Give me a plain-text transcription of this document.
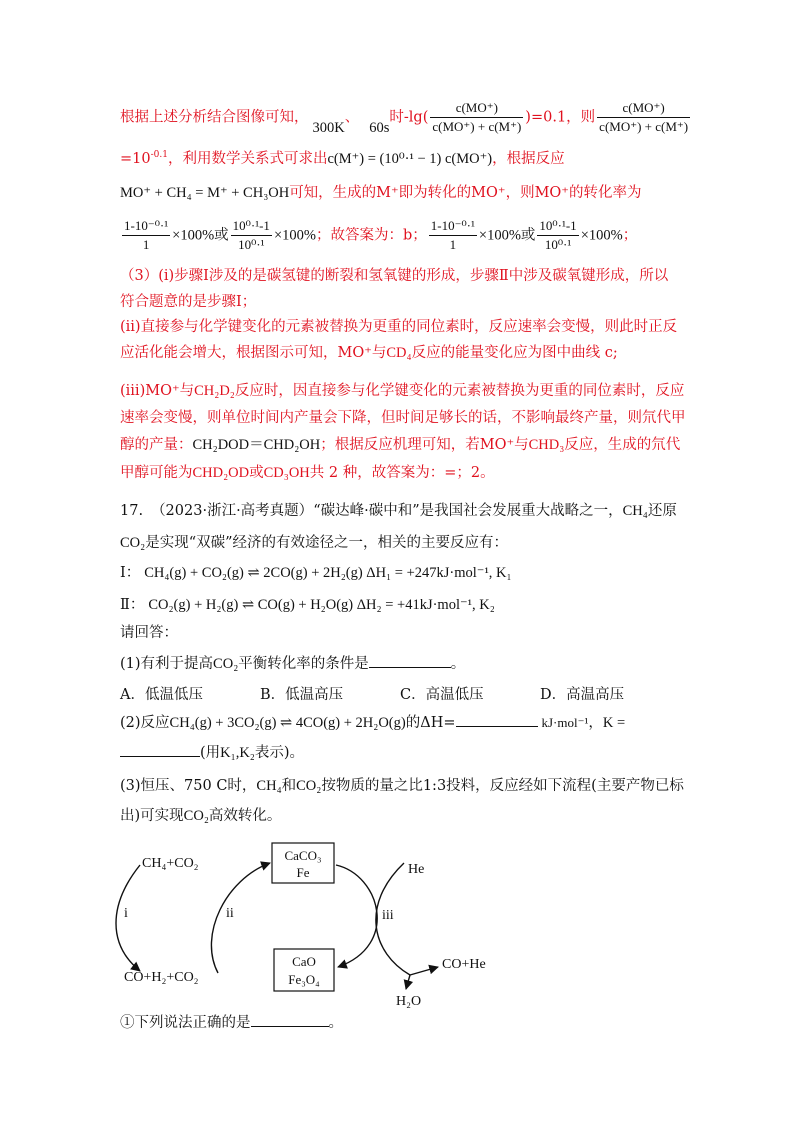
根据上述分析结合图像可知，300K、60s时$-\lg( \frac{c(MO^+)}{c(MO^+) + c(M^+)} )=0.1$，则 $\frac{c(MO^+)}{c(MO^+) + c(M^+)}$
$=10^{-0.1}$，利用数学关系式可求出c(M⁺) = (10⁰·¹ − 1) c(MO⁺)，根据反应
MO⁺ + CH₄ = M⁺ + CH₃OH可知，生成的M⁺即为转化的MO⁺，则MO⁺的转化率为
$\frac{\text{1-10⁻⁰·¹}}{1} \times 100\%$或 $\frac{\text{10⁰·¹-1}}{\text{10⁰·¹}} \times 100\%$；故答案为：b； $\frac{\text{1-10⁻⁰·¹}}{1} \times 100\%$或 $\frac{\text{10⁰·¹-1}}{\text{10⁰·¹}} \times 100\%$；
（3）(ⅰ)步骤Ⅰ涉及的是碳氢键的断裂和氢氧键的形成，步骤Ⅱ中涉及碳氧键形成，所以
符合题意的是步骤Ⅰ；
(ⅱ)直接参与化学键变化的元素被替换为更重的同位素时，反应速率会变慢，则此时正反
应活化能会增大，根据图示可知，MO⁺与CD₄反应的能量变化应为图中曲线 c;
(ⅲ)MO⁺与CH₂D₂反应时，因直接参与化学键变化的元素被替换为更重的同位素时，反应
速率会变慢，则单位时间内产量会下降，但时间足够长的话，不影响最终产量，则氘代甲
醇的产量：CH₂DOD＝CHD₂OH；根据反应机理可知，若MO⁺与CHD₃反应，生成的氘代
甲醇可能为CHD₂OD或CD₃OH共 2 种，故答案为：=；2。
17. （2023·浙江·高考真题）“碳达峰·碳中和”是我国社会发展重大战略之一，CH₄还原
CO₂是实现“双碳”经济的有效途径之一，相关的主要反应有：
Ⅰ： CH₄(g) + CO₂(g) ⇌ 2CO(g) + 2H₂(g) ΔH₁ = +247kJ·mol⁻¹, K₁
Ⅱ： CO₂(g) + H₂(g) ⇌ CO(g) + H₂O(g) ΔH₂ = +41kJ·mol⁻¹, K₂
请回答：
(1)有利于提高CO₂平衡转化率的条件是	。
A．低温低压	B．低温高压	C．高温低压	D．高温高压
(2)反应CH₄(g) + 3CO₂(g) ⇌ 4CO(g) + 2H₂O(g)的ΔH=	kJ·mol⁻¹，K =
(用K₁,K₂表示)。
(3)恒压、750 C时，CH₄和CO₂按物质的量之比1:3投料，反应经如下流程(主要产物已标
出)可实现CO₂高效转化。
CH₄+CO₂
i
CO+H₂+CO₂
ii
CaCO₃
Fe
CaO
Fe₃O₄
He
iii
CO+He
H₂O
①下列说法正确的是	。
